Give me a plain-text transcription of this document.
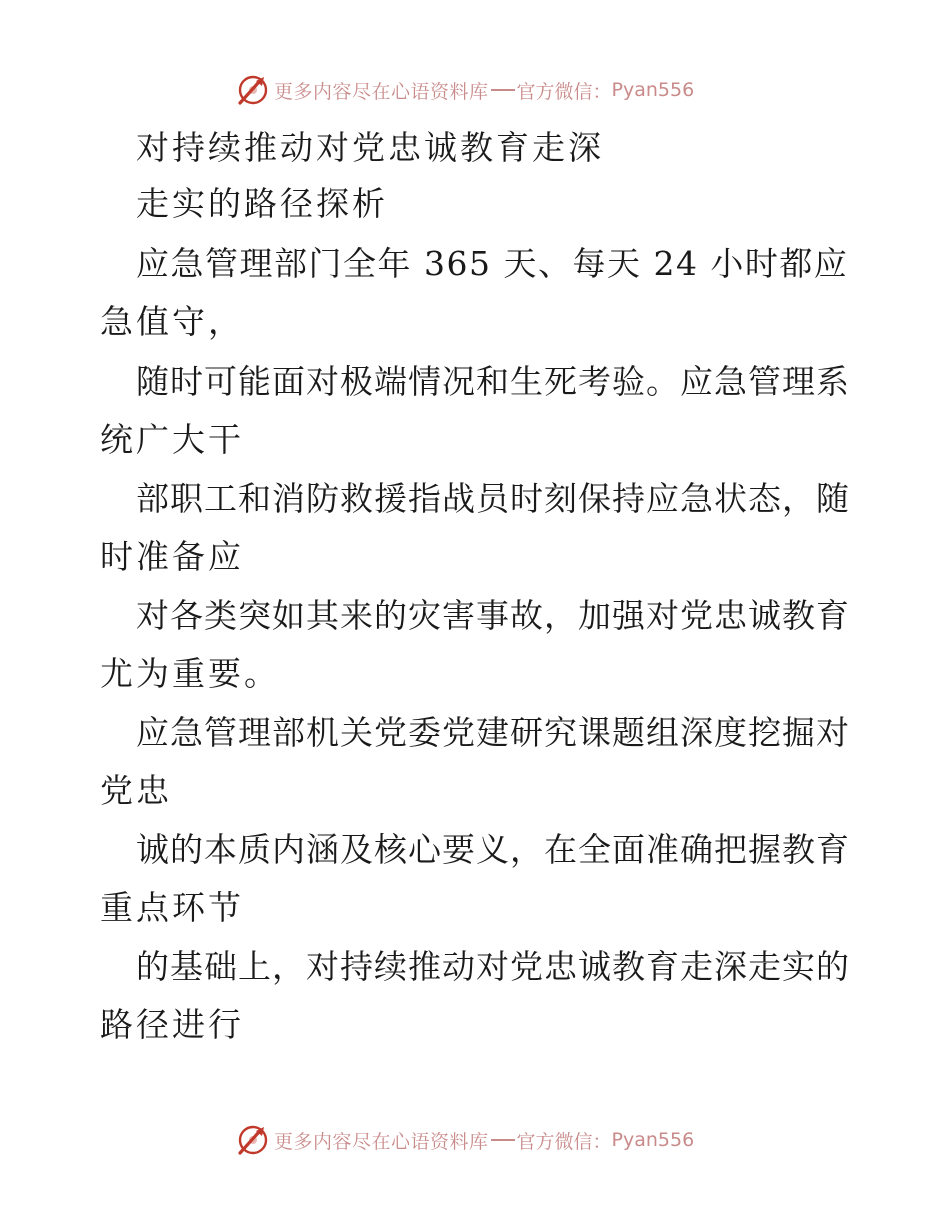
更多内容尽在心语资料库 官方微信： Pyan556
对持续推动对党忠诚教育走深
走实的路径探析
应急管理部门全年 365 天、每天 24 小时都应
急值守，
随时可能面对极端情况和生死考验。应急管理系
统广大干
部职工和消防救援指战员时刻保持应急状态，随
时准备应
对各类突如其来的灾害事故，加强对党忠诚教育
尤为重要。
应急管理部机关党委党建研究课题组深度挖掘对
党忠
诚的本质内涵及核心要义，在全面准确把握教育
重点环节
的基础上，对持续推动对党忠诚教育走深走实的
路径进行
更多内容尽在心语资料库 官方微信： Pyan556
